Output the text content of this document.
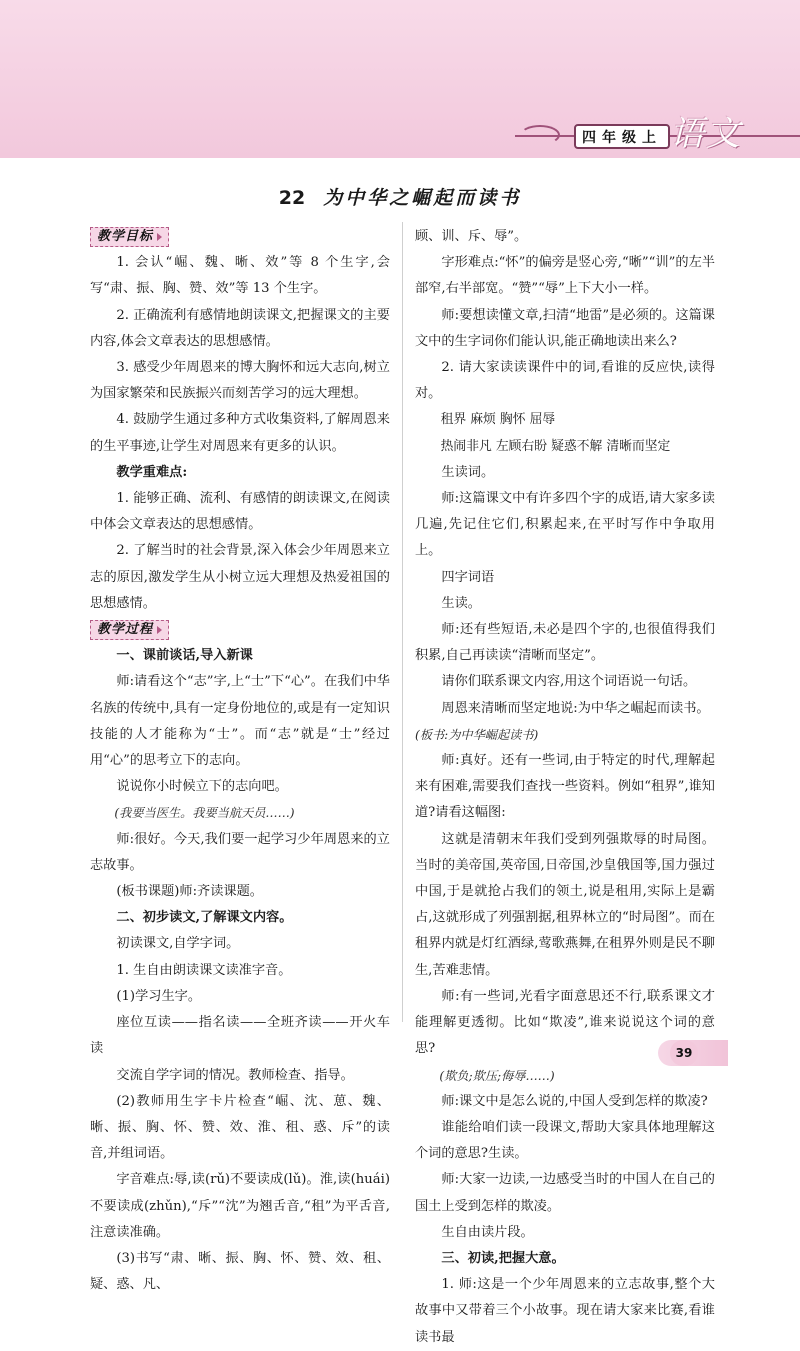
四年级上 语文
22 为中华之崛起而读书
教学目标

1. 会认“崛、魏、晰、效”等 8 个生字,会写“肃、振、胸、赞、效”等 13 个生字。

2. 正确流利有感情地朗读课文,把握课文的主要内容,体会文章表达的思想感情。

3. 感受少年周恩来的博大胸怀和远大志向,树立为国家繁荣和民族振兴而刻苦学习的远大理想。

4. 鼓励学生通过多种方式收集资料,了解周恩来的生平事迹,让学生对周恩来有更多的认识。

教学重难点:

1. 能够正确、流利、有感情的朗读课文,在阅读中体会文章表达的思想感情。

2. 了解当时的社会背景,深入体会少年周恩来立志的原因,激发学生从小树立远大理想及热爱祖国的思想感情。

教学过程

一、课前谈话,导入新课

师:请看这个“志”字,上“士”下“心”。在我们中华名族的传统中,具有一定身份地位的,或是有一定知识技能的人才能称为“士”。而“志”就是“士”经过用“心”的思考立下的志向。

说说你小时候立下的志向吧。

(我要当医生。我要当航天员……)

师:很好。今天,我们要一起学习少年周恩来的立志故事。

(板书课题)师:齐读课题。

二、初步读文,了解课文内容。

初读课文,自学字词。

1. 生自由朗读课文读准字音。

(1)学习生字。

座位互读——指名读——全班齐读——开火车读

交流自学字词的情况。教师检查、指导。

(2)教师用生字卡片检查“崛、沈、葸、魏、晰、振、胸、怀、赞、效、淮、租、惑、斥”的读音,并组词语。

字音难点:辱,读(rǔ)不要读成(lǔ)。淮,读(huái)不要读成(zhǔn),“斥”“沈”为翘舌音,“租”为平舌音,注意读准确。

(3)书写“肃、晰、振、胸、怀、赞、效、租、疑、惑、凡、

顾、训、斥、辱”。

字形难点:“怀”的偏旁是竖心旁,“晰”“训”的左半部窄,右半部宽。“赞”“辱”上下大小一样。

师:要想读懂文章,扫清“地雷”是必须的。这篇课文中的生字词你们能认识,能正确地读出来么?

2. 请大家读读课件中的词,看谁的反应快,读得对。

租界 麻烦 胸怀 屈辱

热闹非凡 左顾右盼 疑惑不解 清晰而坚定

生读词。

师:这篇课文中有许多四个字的成语,请大家多读几遍,先记住它们,积累起来,在平时写作中争取用上。

四字词语

生读。

师:还有些短语,未必是四个字的,也很值得我们积累,自己再读读“清晰而坚定”。

请你们联系课文内容,用这个词语说一句话。

周恩来清晰而坚定地说:为中华之崛起而读书。

(板书:为中华崛起读书)

师:真好。还有一些词,由于特定的时代,理解起来有困难,需要我们查找一些资料。例如“租界”,谁知道?请看这幅图:

这就是清朝末年我们受到列强欺辱的时局图。当时的美帝国,英帝国,日帝国,沙皇俄国等,国力强过中国,于是就抢占我们的领土,说是租用,实际上是霸占,这就形成了列强割据,租界林立的“时局图”。而在租界内就是灯红酒绿,莺歌燕舞,在租界外则是民不聊生,苦难悲情。

师:有一些词,光看字面意思还不行,联系课文才能理解更透彻。比如“欺凌”,谁来说说这个词的意思?

(欺负;欺压;侮辱……)

师:课文中是怎么说的,中国人受到怎样的欺凌?

谁能给咱们读一段课文,帮助大家具体地理解这个词的意思?生读。

师:大家一边读,一边感受当时的中国人在自己的国土上受到怎样的欺凌。

生自由读片段。

三、初读,把握大意。

1. 师:这是一个少年周恩来的立志故事,整个大故事中又带着三个小故事。现在请大家来比赛,看谁读书最

39
